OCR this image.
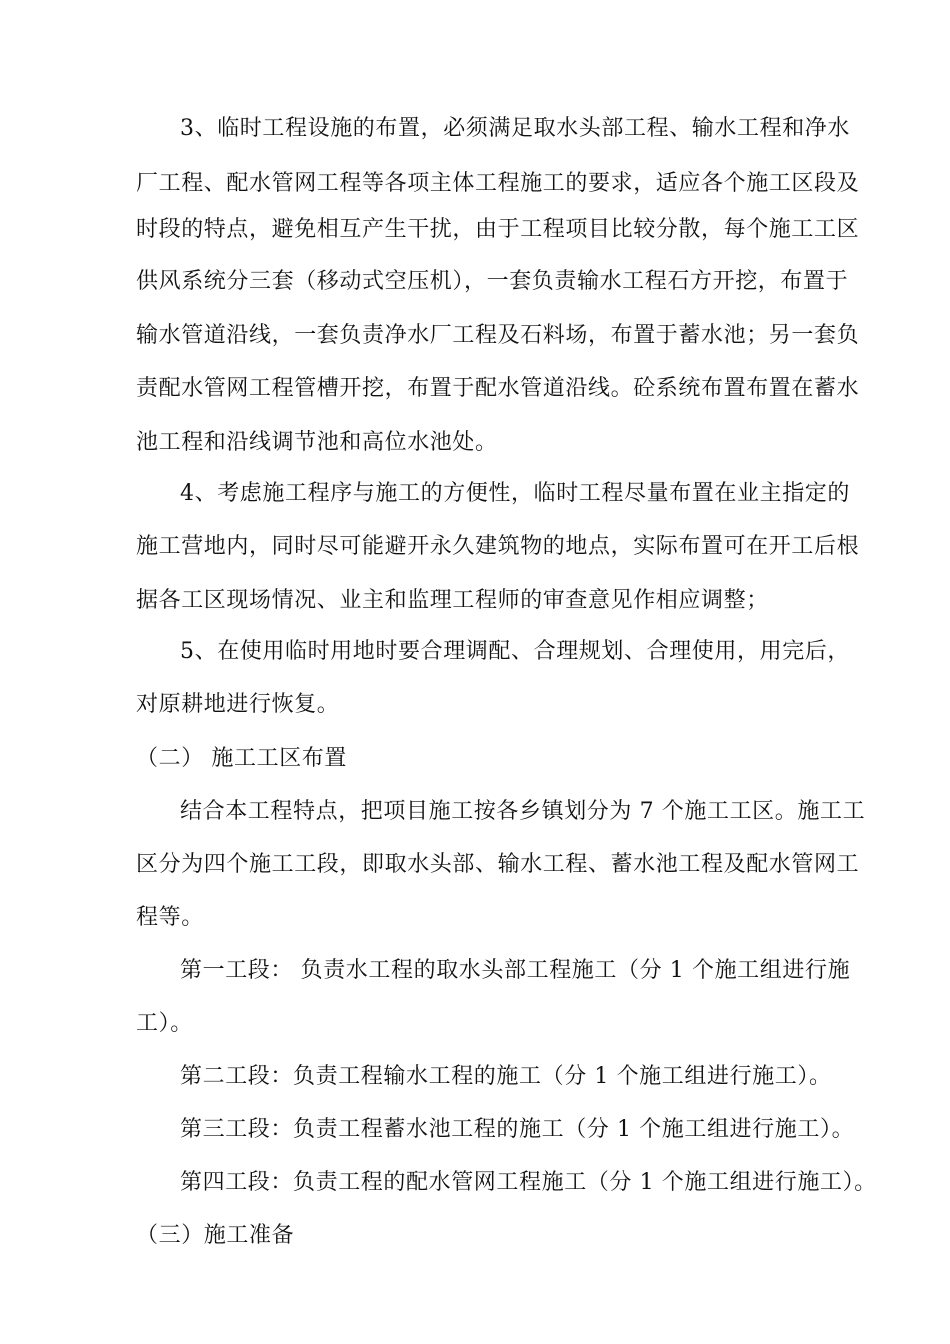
3、临时工程设施的布置，必须满足取水头部工程、输水工程和净水
厂工程、配水管网工程等各项主体工程施工的要求，适应各个施工区段及
时段的特点，避免相互产生干扰，由于工程项目比较分散，每个施工工区
供风系统分三套（移动式空压机），一套负责输水工程石方开挖，布置于
输水管道沿线，一套负责净水厂工程及石料场，布置于蓄水池；另一套负
责配水管网工程管槽开挖，布置于配水管道沿线。砼系统布置布置在蓄水
池工程和沿线调节池和高位水池处。
4、考虑施工程序与施工的方便性，临时工程尽量布置在业主指定的
施工营地内，同时尽可能避开永久建筑物的地点，实际布置可在开工后根
据各工区现场情况、业主和监理工程师的审查意见作相应调整；
5、在使用临时用地时要合理调配、合理规划、合理使用，用完后，
对原耕地进行恢复。
（二） 施工工区布置
结合本工程特点，把项目施工按各乡镇划分为 7 个施工工区。施工工
区分为四个施工工段，即取水头部、输水工程、蓄水池工程及配水管网工
程等。
第一工段： 负责水工程的取水头部工程施工（分 1 个施工组进行施
工）。
第二工段：负责工程输水工程的施工（分 1 个施工组进行施工）。
第三工段：负责工程蓄水池工程的施工（分 1 个施工组进行施工）。
第四工段：负责工程的配水管网工程施工（分 1 个施工组进行施工）。
（三）施工准备
